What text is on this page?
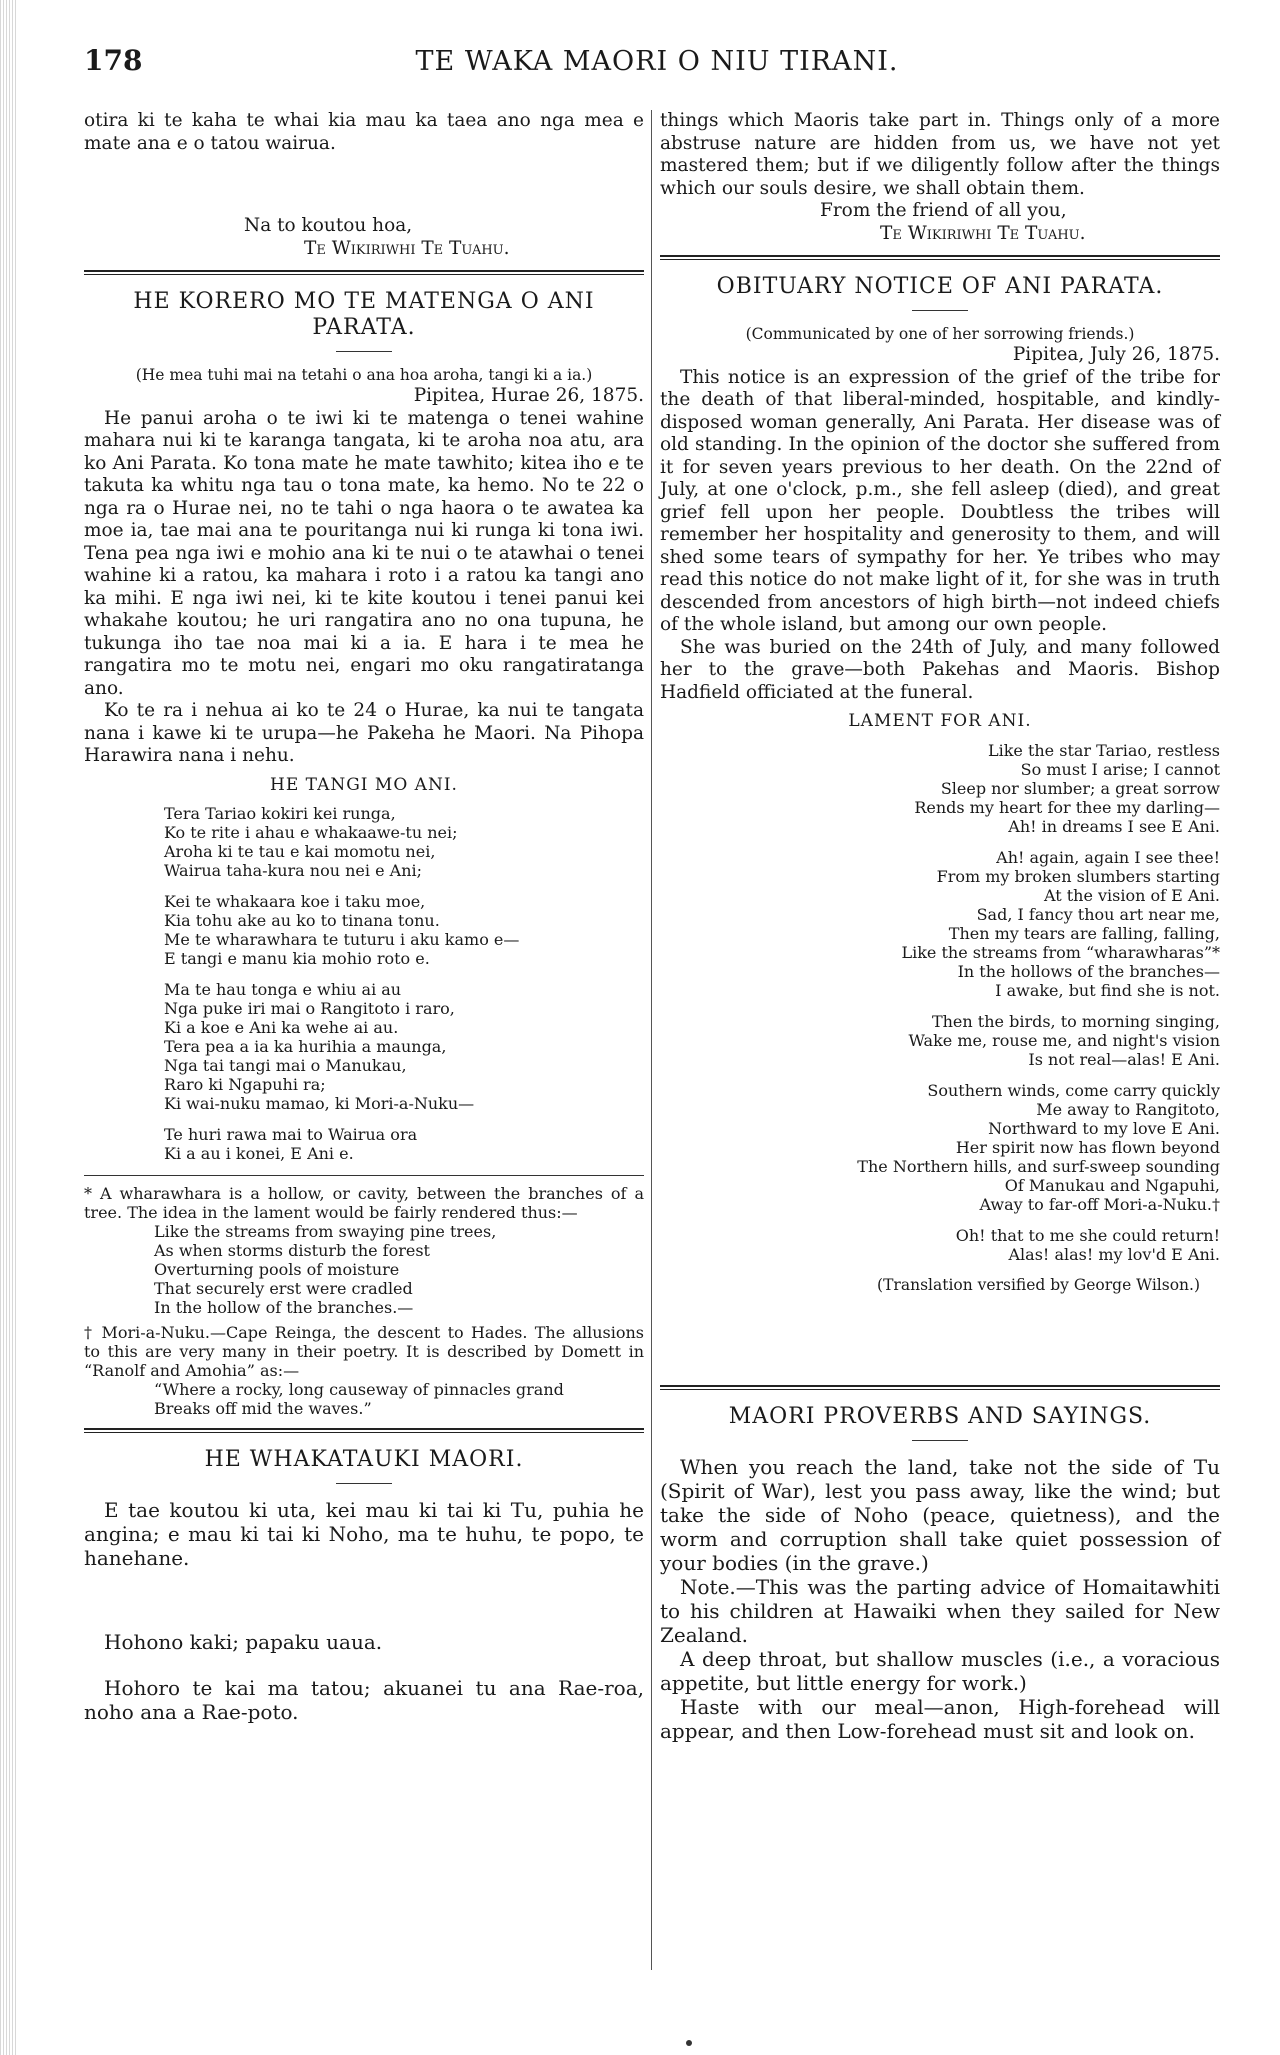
178	TE WAKA MAORI O NIU TIRANI.

otira ki te kaha te whai kia mau ka taea ano nga mea e mate ana e o tatou wairua.

Na to koutou hoa,

Te Wikiriwhi Te Tuahu.

HE KORERO MO TE MATENGA O ANI PARATA.

(He mea tuhi mai na tetahi o ana hoa aroha, tangi ki a ia.)

Pipitea, Hurae 26, 1875.

He panui aroha o te iwi ki te matenga o tenei wahine mahara nui ki te karanga tangata, ki te aroha noa atu, ara ko Ani Parata. Ko tona mate he mate tawhito; kitea iho e te takuta ka whitu nga tau o tona mate, ka hemo. No te 22 o nga ra o Hurae nei, no te tahi o nga haora o te awatea ka moe ia, tae mai ana te pouritanga nui ki runga ki tona iwi. Tena pea nga iwi e mohio ana ki te nui o te atawhai o tenei wahine ki a ratou, ka mahara i roto i a ratou ka tangi ano ka mihi. E nga iwi nei, ki te kite koutou i tenei panui kei whakahe koutou; he uri rangatira ano no ona tupuna, he tukunga iho tae noa mai ki a ia. E hara i te mea he rangatira mo te motu nei, engari mo oku rangatiratanga ano.

Ko te ra i nehua ai ko te 24 o Hurae, ka nui te tangata nana i kawe ki te urupa—he Pakeha he Maori. Na Pihopa Harawira nana i nehu.

HE TANGI MO ANI.
Tera Tariao kokiri kei runga,
Ko te rite i ahau e whakaawe-tu nei;
Aroha ki te tau e kai momotu nei,
Wairua taha-kura nou nei e Ani;
Kei te whakaara koe i taku moe,
Kia tohu ake au ko to tinana tonu.
Me te wharawhara te tuturu i aku kamo e—
E tangi e manu kia mohio roto e.
Ma te hau tonga e whiu ai au
Nga puke iri mai o Rangitoto i raro,
Ki a koe e Ani ka wehe ai au.
Tera pea a ia ka hurihia a maunga,
Nga tai tangi mai o Manukau,
Raro ki Ngapuhi ra;
Ki wai-nuku mamao, ki Mori-a-Nuku—
Te huri rawa mai to Wairua ora
Ki a au i konei, E Ani e.

* A wharawhara is a hollow, or cavity, between the branches of a tree. The idea in the lament would be fairly rendered thus:—

Like the streams from swaying pine trees,
As when storms disturb the forest
Overturning pools of moisture
That securely erst were cradled
In the hollow of the branches.—

† Mori-a-Nuku.—Cape Reinga, the descent to Hades. The allusions to this are very many in their poetry. It is described by Domett in “Ranolf and Amohia” as:—

“Where a rocky, long causeway of pinnacles grand
Breaks off mid the waves.”
HE WHAKATAUKI MAORI.

E tae koutou ki uta, kei mau ki tai ki Tu, puhia he angina; e mau ki tai ki Noho, ma te huhu, te popo, te hanehane.

Hohono kaki; papaku uaua.

Hohoro te kai ma tatou; akuanei tu ana Rae-roa, noho ana a Rae-poto.

things which Maoris take part in. Things only of a more abstruse nature are hidden from us, we have not yet mastered them; but if we diligently follow after the things which our souls desire, we shall obtain them.

From the friend of all you,

Te Wikiriwhi Te Tuahu.

OBITUARY NOTICE OF ANI PARATA.

(Communicated by one of her sorrowing friends.)

Pipitea, July 26, 1875.

This notice is an expression of the grief of the tribe for the death of that liberal-minded, hospitable, and kindly-disposed woman generally, Ani Parata. Her disease was of old standing. In the opinion of the doctor she suffered from it for seven years previous to her death. On the 22nd of July, at one o'clock, p.m., she fell asleep (died), and great grief fell upon her people. Doubtless the tribes will remember her hospitality and generosity to them, and will shed some tears of sympathy for her. Ye tribes who may read this notice do not make light of it, for she was in truth descended from ancestors of high birth—not indeed chiefs of the whole island, but among our own people.

She was buried on the 24th of July, and many followed her to the grave—both Pakehas and Maoris. Bishop Hadfield officiated at the funeral.

LAMENT FOR ANI.
Like the star Tariao, restless
So must I arise; I cannot
Sleep nor slumber; a great sorrow
Rends my heart for thee my darling—
Ah! in dreams I see E Ani.
Ah! again, again I see thee!
From my broken slumbers starting
At the vision of E Ani.
Sad, I fancy thou art near me,
Then my tears are falling, falling,
Like the streams from “wharawharas”*
In the hollows of the branches—
I awake, but find she is not.
Then the birds, to morning singing,
Wake me, rouse me, and night's vision
Is not real—alas! E Ani.
Southern winds, come carry quickly
Me away to Rangitoto,
Northward to my love E Ani.
Her spirit now has flown beyond
The Northern hills, and surf-sweep sounding
Of Manukau and Ngapuhi,
Away to far-off Mori-a-Nuku.†
Oh! that to me she could return!
Alas! alas! my lov'd E Ani.

(Translation versified by George Wilson.)

MAORI PROVERBS AND SAYINGS.

When you reach the land, take not the side of Tu (Spirit of War), lest you pass away, like the wind; but take the side of Noho (peace, quietness), and the worm and corruption shall take quiet possession of your bodies (in the grave.)

Note.—This was the parting advice of Homaitawhiti to his children at Hawaiki when they sailed for New Zealand.

A deep throat, but shallow muscles (i.e., a voracious appetite, but little energy for work.)

Haste with our meal—anon, High-forehead will appear, and then Low-forehead must sit and look on.
